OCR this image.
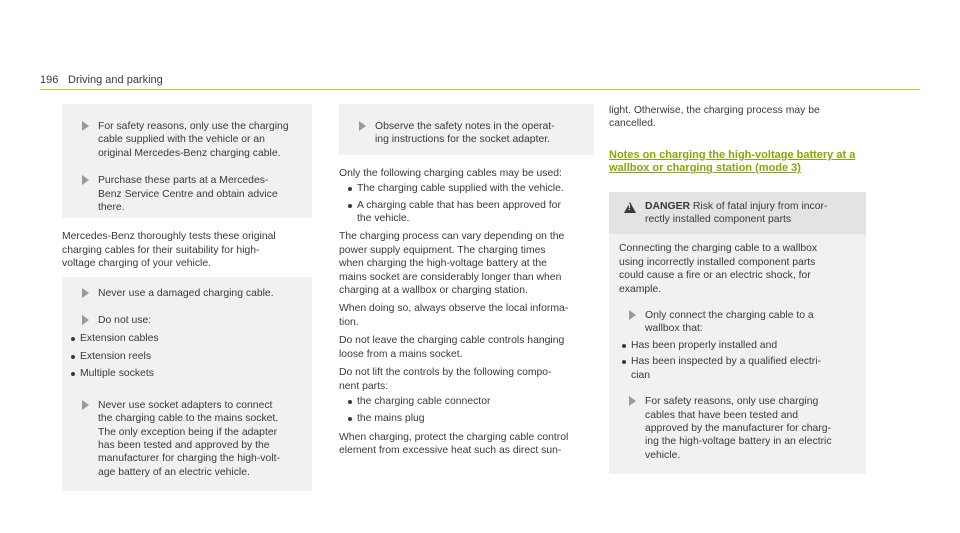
196 Driving and parking
For safety reasons, only use the charging
cable supplied with the vehicle or an
original Mercedes-Benz charging cable.
Purchase these parts at a Mercedes-
Benz Service Centre and obtain advice
there.
Mercedes-Benz thoroughly tests these original
charging cables for their suitability for high-
voltage charging of your vehicle.
Never use a damaged charging cable.
Do not use:
Extension cables
Extension reels
Multiple sockets
Never use socket adapters to connect
the charging cable to the mains socket.
The only exception being if the adapter
has been tested and approved by the
manufacturer for charging the high-volt-
age battery of an electric vehicle.
Observe the safety notes in the operat-
ing instructions for the socket adapter.
Only the following charging cables may be used:
The charging cable supplied with the vehicle.
A charging cable that has been approved for
the vehicle.
The charging process can vary depending on the
power supply equipment. The charging times
when charging the high-voltage battery at the
mains socket are considerably longer than when
charging at a wallbox or charging station.
When doing so, always observe the local informa-
tion.
Do not leave the charging cable controls hanging
loose from a mains socket.
Do not lift the controls by the following compo-
nent parts:
the charging cable connector
the mains plug
When charging, protect the charging cable control
element from excessive heat such as direct sun-
light. Otherwise, the charging process may be
cancelled.
Notes on charging the high-voltage battery at a
wallbox or charging station (mode 3)
!
DANGER Risk of fatal injury from incor-
rectly installed component parts
Connecting the charging cable to a wallbox
using incorrectly installed component parts
could cause a fire or an electric shock, for
example.
Only connect the charging cable to a
wallbox that:
Has been properly installed and
Has been inspected by a qualified electri-
cian
For safety reasons, only use charging
cables that have been tested and
approved by the manufacturer for charg-
ing the high-voltage battery in an electric
vehicle.
